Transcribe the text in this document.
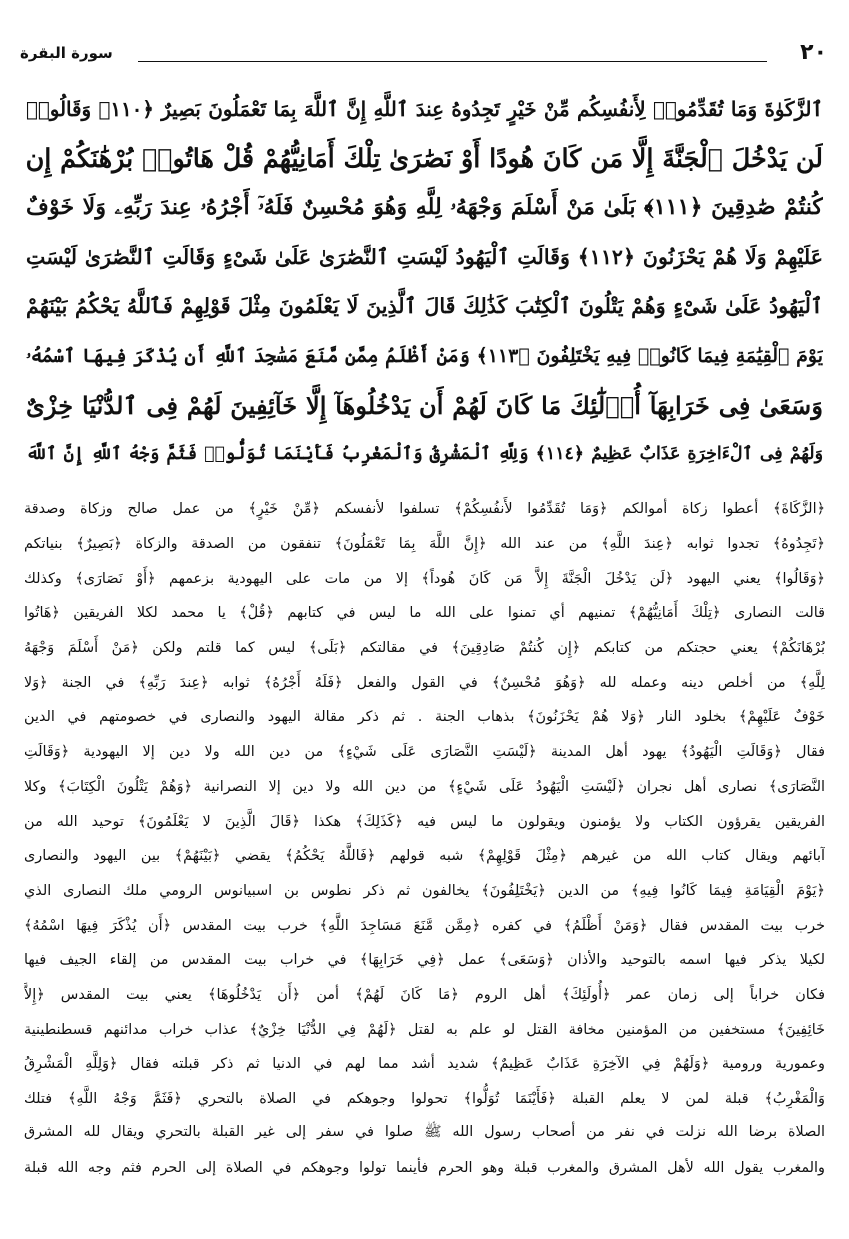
٢٠
سورة البقرة
ٱلزَّكَوٰةَ وَمَا تُقَدِّمُوا۟ لِأَنفُسِكُم مِّنْ خَيْرٍ تَجِدُوهُ عِندَ ٱللَّهِ إِنَّ ٱللَّهَ بِمَا تَعْمَلُونَ بَصِيرٌ ﴿١١٠﴾ وَقَالُوا۟
لَن يَدْخُلَ ٱلْجَنَّةَ إِلَّا مَن كَانَ هُودًا أَوْ نَصَٰرَىٰ تِلْكَ أَمَانِيُّهُمْ قُلْ هَاتُوا۟ بُرْهَٰنَكُمْ إِن
كُنتُمْ صَٰدِقِينَ ﴿١١١﴾ بَلَىٰ مَنْ أَسْلَمَ وَجْهَهُۥ لِلَّهِ وَهُوَ مُحْسِنٌ فَلَهُۥٓ أَجْرُهُۥ عِندَ رَبِّهِۦ وَلَا خَوْفٌ
عَلَيْهِمْ وَلَا هُمْ يَحْزَنُونَ ﴿١١٢﴾ وَقَالَتِ ٱلْيَهُودُ لَيْسَتِ ٱلنَّصَٰرَىٰ عَلَىٰ شَىْءٍ وَقَالَتِ ٱلنَّصَٰرَىٰ لَيْسَتِ
ٱلْيَهُودُ عَلَىٰ شَىْءٍ وَهُمْ يَتْلُونَ ٱلْكِتَٰبَ كَذَٰلِكَ قَالَ ٱلَّذِينَ لَا يَعْلَمُونَ مِثْلَ قَوْلِهِمْ فَٱللَّهُ يَحْكُمُ بَيْنَهُمْ
يَوْمَ ٱلْقِيَٰمَةِ فِيمَا كَانُوا۟ فِيهِ يَخْتَلِفُونَ ﴿١١٣﴾ وَمَنْ أَظْلَمُ مِمَّن مَّنَعَ مَسَٰجِدَ ٱللَّهِ أَن يُذْكَرَ فِيهَا ٱسْمُهُۥ
وَسَعَىٰ فِى خَرَابِهَآ أُو۟لَٰٓئِكَ مَا كَانَ لَهُمْ أَن يَدْخُلُوهَآ إِلَّا خَآئِفِينَ لَهُمْ فِى ٱلدُّنْيَا خِزْىٌ
وَلَهُمْ فِى ٱلْءَاخِرَةِ عَذَابٌ عَظِيمٌ ﴿١١٤﴾ وَلِلَّهِ ٱلْمَشْرِقُ وَٱلْمَغْرِبُ فَأَيْنَمَا تُوَلُّوا۟ فَثَمَّ وَجْهُ ٱللَّهِ إِنَّ ٱللَّهَ
﴿الزَّكَاةَ﴾ أعطوا زكاة أموالكم ﴿وَمَا تُقَدِّمُوا لأَنفُسِكُمْ﴾ تسلفوا لأنفسكم ﴿مِّنْ خَيْرٍ﴾ من عمل صالح وزكاة وصدقة
﴿تَجِدُوهُ﴾ تجدوا ثوابه ﴿عِندَ اللَّهِ﴾ من عند الله ﴿إِنَّ اللَّهَ بِمَا تَعْمَلُونَ﴾ تنفقون من الصدقة والزكاة ﴿بَصِيرٌ﴾ بنياتكم
﴿وَقَالُوا﴾ يعني اليهود ﴿لَن يَدْخُلَ الْجَنَّةَ إِلاَّ مَن كَانَ هُوداً﴾ إلا من مات على اليهودية بزعمهم ﴿أَوْ نَصَارَى﴾ وكذلك
قالت النصارى ﴿تِلْكَ أَمَانِيُّهُمْ﴾ تمنيهم أي تمنوا على الله ما ليس في كتابهم ﴿قُلْ﴾ يا محمد لكلا الفريقين ﴿هَاتُوا
بُرْهَانَكُمْ﴾ يعني حجتكم من كتابكم ﴿إِن كُنتُمْ صَادِقِينَ﴾ في مقالتكم ﴿بَلَى﴾ ليس كما قلتم ولكن ﴿مَنْ أَسْلَمَ وَجْهَهُ
لِلَّهِ﴾ من أخلص دينه وعمله لله ﴿وَهُوَ مُحْسِنٌ﴾ في القول والفعل ﴿فَلَهُ أَجْرُهُ﴾ ثوابه ﴿عِندَ رَبِّهِ﴾ في الجنة ﴿وَلا
خَوْفٌ عَلَيْهِمْ﴾ بخلود النار ﴿وَلا هُمْ يَحْزَنُونَ﴾ بذهاب الجنة . ثم ذكر مقالة اليهود والنصارى في خصومتهم في الدين
فقال ﴿وَقَالَتِ الْيَهُودُ﴾ يهود أهل المدينة ﴿لَيْسَتِ النَّصَارَى عَلَى شَيْءٍ﴾ من دين الله ولا دين إلا اليهودية ﴿وَقَالَتِ
النَّصَارَى﴾ نصارى أهل نجران ﴿لَيْسَتِ الْيَهُودُ عَلَى شَيْءٍ﴾ من دين الله ولا دين إلا النصرانية ﴿وَهُمْ يَتْلُونَ الْكِتَابَ﴾ وكلا
الفريقين يقرؤون الكتاب ولا يؤمنون ويقولون ما ليس فيه ﴿كَذَلِكَ﴾ هكذا ﴿قَالَ الَّذِينَ لا يَعْلَمُونَ﴾ توحيد الله من
آبائهم ويقال كتاب الله من غيرهم ﴿مِثْلَ قَوْلِهِمْ﴾ شبه قولهم ﴿فَاللَّهُ يَحْكُمُ﴾ يقضي ﴿بَيْنَهُمْ﴾ بين اليهود والنصارى
﴿يَوْمَ الْقِيَامَةِ فِيمَا كَانُوا فِيهِ﴾ من الدين ﴿يَخْتَلِفُونَ﴾ يخالفون ثم ذكر نطوس بن اسبيانوس الرومي ملك النصارى الذي
خرب بيت المقدس فقال ﴿وَمَنْ أَظْلَمُ﴾ في كفره ﴿مِمَّن مَّنَعَ مَسَاجِدَ اللَّهِ﴾ خرب بيت المقدس ﴿أَن يُذْكَرَ فِيهَا اسْمُهُ﴾
لكيلا يذكر فيها اسمه بالتوحيد والأذان ﴿وَسَعَى﴾ عمل ﴿فِي خَرَابِهَا﴾ في خراب بيت المقدس من إلقاء الجيف فيها
فكان خراباً إلى زمان عمر ﴿أُولَئِكَ﴾ أهل الروم ﴿مَا كَانَ لَهُمْ﴾ أمن ﴿أَن يَدْخُلُوهَا﴾ يعني بيت المقدس ﴿إِلاَّ
خَائِفِينَ﴾ مستخفين من المؤمنين مخافة القتل لو علم به لقتل ﴿لَهُمْ فِي الدُّنْيَا خِزْيٌ﴾ عذاب خراب مدائنهم قسطنطينية
وعمورية ورومية ﴿وَلَهُمْ فِي الآخِرَةِ عَذَابٌ عَظِيمٌ﴾ شديد أشد مما لهم في الدنيا ثم ذكر قبلته فقال ﴿وَلِلَّهِ الْمَشْرِقُ
وَالْمَغْرِبُ﴾ قبلة لمن لا يعلم القبلة ﴿فَأَيْنَمَا تُوَلُّوا﴾ تحولوا وجوهكم في الصلاة بالتحري ﴿فَثَمَّ وَجْهُ اللَّهِ﴾ فتلك
الصلاة برضا الله نزلت في نفر من أصحاب رسول الله ﷺ صلوا في سفر إلى غير القبلة بالتحري ويقال لله المشرق
والمغرب يقول الله لأهل المشرق والمغرب قبلة وهو الحرم فأينما تولوا وجوهكم في الصلاة إلى الحرم فثم وجه الله قبلة
